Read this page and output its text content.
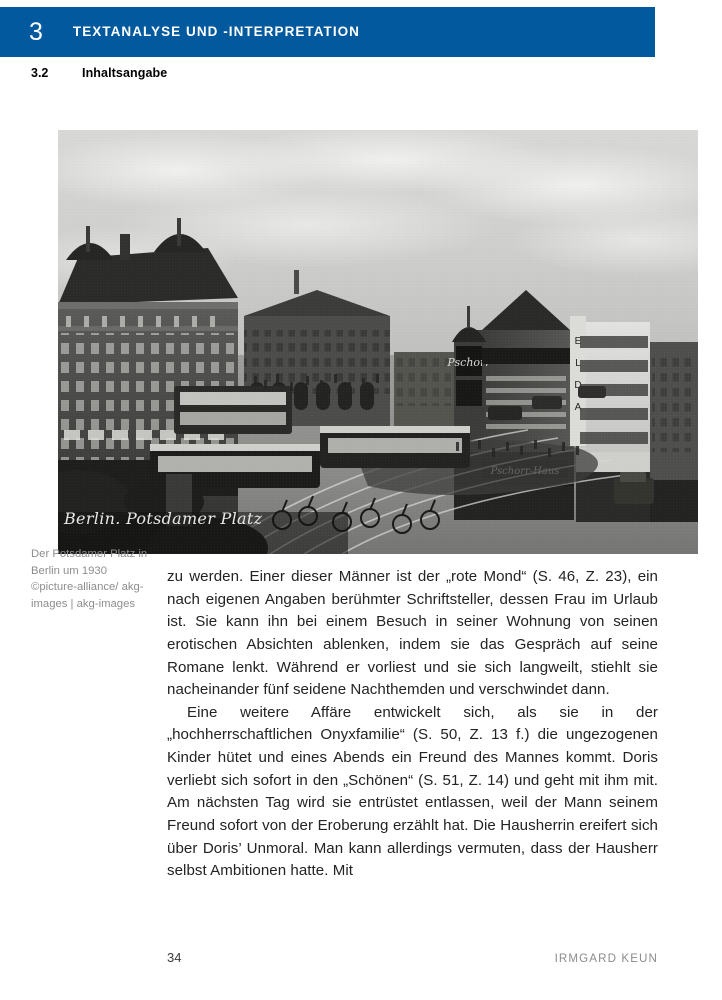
3 TEXTANALYSE UND -INTERPRETATION
3.2	Inhaltsangabe
Berlin. Potsdamer Platz
Der Potsdamer Platz in Berlin um 1930 ©picture-alliance/ akg-images | akg-images

zu werden. Einer dieser Männer ist der „rote Mond“ (S. 46, Z. 23), ein nach eigenen Angaben berühmter Schriftsteller, dessen Frau im Urlaub ist. Sie kann ihn bei einem Besuch in seiner Wohnung von seinen erotischen Absichten ablenken, indem sie das Gespräch auf seine Romane lenkt. Während er vorliest und sie sich langweilt, stiehlt sie nacheinander fünf seidene Nachthemden und verschwindet dann.

Eine weitere Affäre entwickelt sich, als sie in der „hochherrschaftlichen Onyxfamilie“ (S. 50, Z. 13 f.) die ungezogenen Kinder hütet und eines Abends ein Freund des Mannes kommt. Doris verliebt sich sofort in den „Schönen“ (S. 51, Z. 14) und geht mit ihm mit. Am nächsten Tag wird sie entrüstet entlassen, weil der Mann seinem Freund sofort von der Eroberung erzählt hat. Die Hausherrin ereifert sich über Doris’ Unmoral. Man kann allerdings vermuten, dass der Hausherr selbst Ambitionen hatte. Mit

34	IRMGARD KEUN
